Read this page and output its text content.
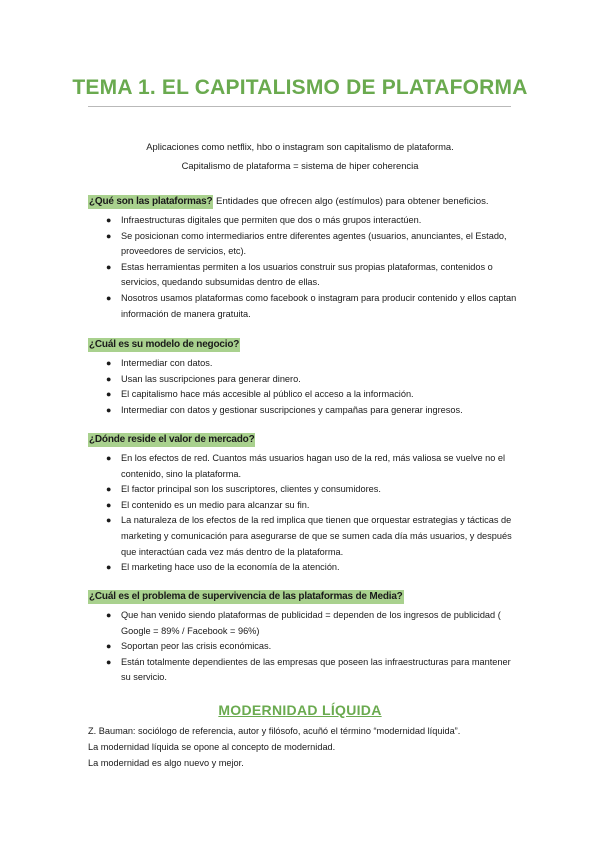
TEMA 1. EL CAPITALISMO DE PLATAFORMA

Aplicaciones como netflix, hbo o instagram son capitalismo de plataforma.

Capitalismo de plataforma = sistema de hiper coherencia

¿Qué son las plataformas? Entidades que ofrecen algo (estímulos) para obtener beneficios.
● Infraestructuras digitales que permiten que dos o más grupos interactúen.
● Se posicionan como intermediarios entre diferentes agentes (usuarios, anunciantes, el Estado, proveedores de servicios, etc).
● Estas herramientas permiten a los usuarios construir sus propias plataformas, contenidos o servicios, quedando subsumidas dentro de ellas.
● Nosotros usamos plataformas como facebook o instagram para producir contenido y ellos captan información de manera gratuita.
¿Cuál es su modelo de negocio?
● Intermediar con datos.
● Usan las suscripciones para generar dinero.
● El capitalismo hace más accesible al público el acceso a la información.
● Intermediar con datos y gestionar suscripciones y campañas para generar ingresos.
¿Dónde reside el valor de mercado?
● En los efectos de red. Cuantos más usuarios hagan uso de la red, más valiosa se vuelve no el contenido, sino la plataforma.
● El factor principal son los suscriptores, clientes y consumidores.
● El contenido es un medio para alcanzar su fin.
● La naturaleza de los efectos de la red implica que tienen que orquestar estrategias y tácticas de marketing y comunicación para asegurarse de que se sumen cada día más usuarios, y después que interactúan cada vez más dentro de la plataforma.
● El marketing hace uso de la economía de la atención.
¿Cuál es el problema de supervivencia de las plataformas de Media?
● Que han venido siendo plataformas de publicidad = dependen de los ingresos de publicidad ( Google = 89% / Facebook = 96%)
● Soportan peor las crisis económicas.
● Están totalmente dependientes de las empresas que poseen las infraestructuras para mantener su servicio.
MODERNIDAD LÍQUIDA

Z. Bauman: sociólogo de referencia, autor y filósofo, acuñó el término “modernidad líquida”.

La modernidad líquida se opone al concepto de modernidad.

La modernidad es algo nuevo y mejor.
